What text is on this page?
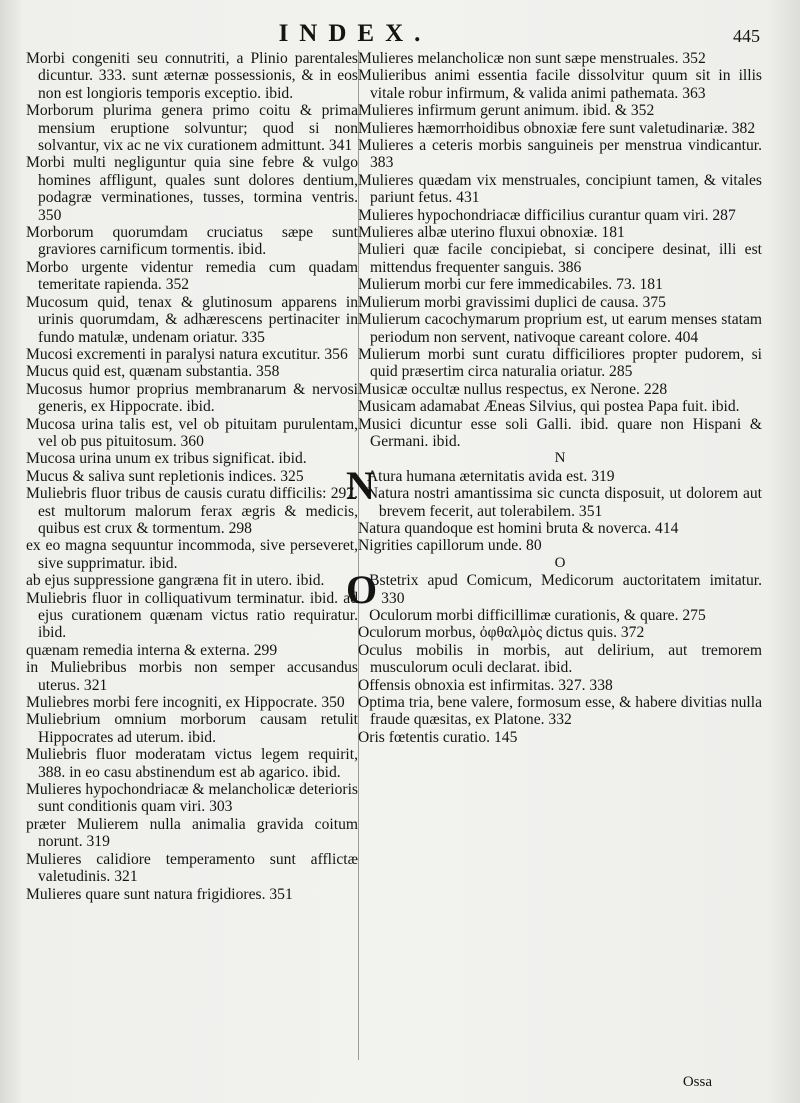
INDEX.	445

Morbi congeniti seu connutriti, a Plinio parentales dicuntur. 333. sunt æternæ possessionis, & in eos non est longioris temporis exceptio. ibid.

Morborum plurima genera primo coitu & prima mensium eruptione solvuntur; quod si non solvantur, vix ac ne vix curationem admittunt. 341

Morbi multi negliguntur quia sine febre & vulgo homines affligunt, quales sunt dolores dentium, podagræ verminationes, tusses, tormina ventris. 350

Morborum quorumdam cruciatus sæpe sunt graviores carnificum tormentis. ibid.

Morbo urgente videntur remedia cum quadam temeritate rapienda. 352

Mucosum quid, tenax & glutinosum apparens in urinis quorumdam, & adhærescens pertinaciter in fundo matulæ, undenam oriatur. 335

Mucosi excrementi in paralysi natura excutitur. 356

Mucus quid est, quænam substantia. 358

Mucosus humor proprius membranarum & nervosi generis, ex Hippocrate. ibid.

Mucosa urina talis est, vel ob pituitam purulentam, vel ob pus pituitosum. 360

Mucosa urina unum ex tribus significat. ibid.

Mucus & saliva sunt repletionis indices. 325

Muliebris fluor tribus de causis curatu difficilis: 297. est multorum malorum ferax ægris & medicis, quibus est crux & tormentum. 298

ex eo magna sequuntur incommoda, sive perseveret, sive supprimatur. ibid.

ab ejus suppressione gangræna fit in utero. ibid.

Muliebris fluor in colliquativum terminatur. ibid. ad ejus curationem quænam victus ratio requiratur. ibid.

quænam remedia interna & externa. 299

in Muliebribus morbis non semper accusandus uterus. 321

Muliebres morbi fere incogniti, ex Hippocrate. 350

Muliebrium omnium morborum causam retulit Hippocrates ad uterum. ibid.

Muliebris fluor moderatam victus legem requirit, 388. in eo casu abstinendum est ab agarico. ibid.

Mulieres hypochondriacæ & melancholicæ deterioris sunt conditionis quam viri. 303

præter Mulierem nulla animalia gravida coitum norunt. 319

Mulieres calidiore temperamento sunt afflictæ valetudinis. 321

Mulieres quare sunt natura frigidiores. 351

Mulieres melancholicæ non sunt sæpe menstruales. 352

Mulieribus animi essentia facile dissolvitur quum sit in illis vitale robur infirmum, & valida animi pathemata. 363

Mulieres infirmum gerunt animum. ibid. & 352

Mulieres hæmorrhoidibus obnoxiæ fere sunt valetudinariæ. 382

Mulieres a ceteris morbis sanguineis per menstrua vindicantur. 383

Mulieres quædam vix menstruales, concipiunt tamen, & vitales pariunt fetus. 431

Mulieres hypochondriacæ difficilius curantur quam viri. 287

Mulieres albæ uterino fluxui obnoxiæ. 181

Mulieri quæ facile concipiebat, si concipere desinat, illi est mittendus frequenter sanguis. 386

Mulierum morbi cur fere immedicabiles. 73. 181

Mulierum morbi gravissimi duplici de causa. 375

Mulierum cacochymarum proprium est, ut earum menses statam periodum non servent, nativoque careant colore. 404

Mulierum morbi sunt curatu difficiliores propter pudorem, si quid præsertim circa naturalia oriatur. 285

Musicæ occultæ nullus respectus, ex Nerone. 228

Musicam adamabat Æneas Silvius, qui postea Papa fuit. ibid.

Musici dicuntur esse soli Galli. ibid. quare non Hispani & Germani. ibid.

N

N
Atura humana æternitatis avida est. 319

Natura nostri amantissima sic cuncta disposuit, ut dolorem aut brevem fecerit, aut tolerabilem. 351

Natura quandoque est homini bruta & noverca. 414

Nigrities capillorum unde. 80

O

O
Bstetrix apud Comicum, Medicorum auctoritatem imitatur. 330

Oculorum morbi difficillimæ curationis, & quare. 275

Oculorum morbus, ὀφθαλμὸς dictus quis. 372

Oculus mobilis in morbis, aut delirium, aut tremorem musculorum oculi declarat. ibid.

Offensis obnoxia est infirmitas. 327. 338

Optima tria, bene valere, formosum esse, & habere divitias nulla fraude quæsitas, ex Platone. 332

Oris fœtentis curatio. 145

Ossa
